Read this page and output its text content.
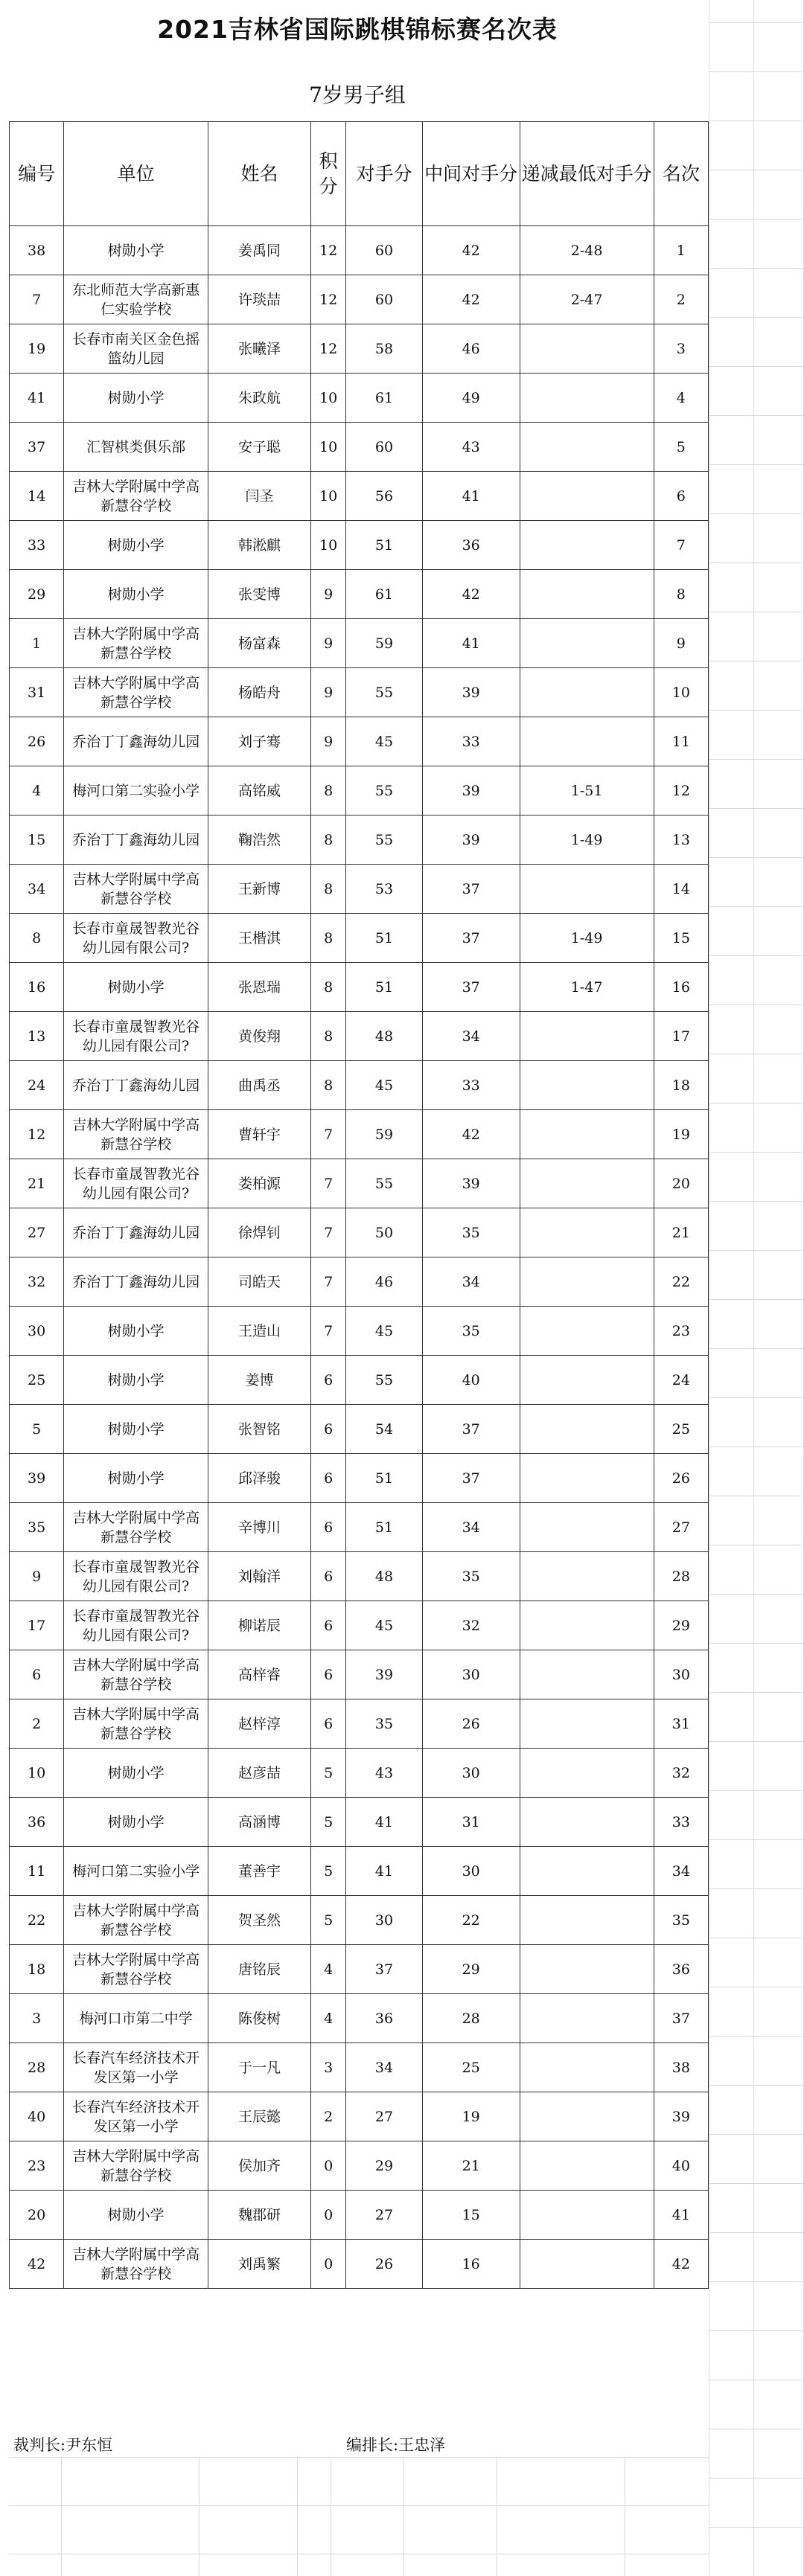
2021吉林省国际跳棋锦标赛名次表
7岁男子组
编号	单位	姓名	积分	对手分	中间对手分	递减最低对手分	名次
38	树勋小学	姜禹同	12	60	42	2-48	1
7	东北师范大学高新惠仁实验学校	许琰喆	12	60	42	2-47	2
19	长春市南关区金色摇篮幼儿园	张曦泽	12	58	46		3
41	树勋小学	朱政航	10	61	49		4
37	汇智棋类俱乐部	安子聪	10	60	43		5
14	吉林大学附属中学高新慧谷学校	闫圣	10	56	41		6
33	树勋小学	韩淞麒	10	51	36		7
29	树勋小学	张雯博	9	61	42		8
1	吉林大学附属中学高新慧谷学校	杨富森	9	59	41		9
31	吉林大学附属中学高新慧谷学校	杨皓舟	9	55	39		10
26	乔治丁丁鑫海幼儿园	刘子骞	9	45	33		11
4	梅河口第二实验小学	高铭威	8	55	39	1-51	12
15	乔治丁丁鑫海幼儿园	鞠浩然	8	55	39	1-49	13
34	吉林大学附属中学高新慧谷学校	王新博	8	53	37		14
8	长春市童晟智教光谷幼儿园有限公司?	王楷淇	8	51	37	1-49	15
16	树勋小学	张恩瑞	8	51	37	1-47	16
13	长春市童晟智教光谷幼儿园有限公司?	黄俊翔	8	48	34		17
24	乔治丁丁鑫海幼儿园	曲禹丞	8	45	33		18
12	吉林大学附属中学高新慧谷学校	曹轩宇	7	59	42		19
21	长春市童晟智教光谷幼儿园有限公司?	娄柏源	7	55	39		20
27	乔治丁丁鑫海幼儿园	徐焊钊	7	50	35		21
32	乔治丁丁鑫海幼儿园	司皓天	7	46	34		22
30	树勋小学	王造山	7	45	35		23
25	树勋小学	姜博	6	55	40		24
5	树勋小学	张智铭	6	54	37		25
39	树勋小学	邱泽骏	6	51	37		26
35	吉林大学附属中学高新慧谷学校	辛博川	6	51	34		27
9	长春市童晟智教光谷幼儿园有限公司?	刘翰洋	6	48	35		28
17	长春市童晟智教光谷幼儿园有限公司?	柳诺辰	6	45	32		29
6	吉林大学附属中学高新慧谷学校	高梓睿	6	39	30		30
2	吉林大学附属中学高新慧谷学校	赵梓淳	6	35	26		31
10	树勋小学	赵彦喆	5	43	30		32
36	树勋小学	高涵博	5	41	31		33
11	梅河口第二实验小学	董善宇	5	41	30		34
22	吉林大学附属中学高新慧谷学校	贺圣然	5	30	22		35
18	吉林大学附属中学高新慧谷学校	唐铭辰	4	37	29		36
3	梅河口市第二中学	陈俊树	4	36	28		37
28	长春汽车经济技术开发区第一小学	于一凡	3	34	25		38
40	长春汽车经济技术开发区第一小学	王辰懿	2	27	19		39
23	吉林大学附属中学高新慧谷学校	侯加齐	0	29	21		40
20	树勋小学	魏郡研	0	27	15		41
42	吉林大学附属中学高新慧谷学校	刘禹繁	0	26	16		42
裁判长:尹东恒	编排长:王忠泽
